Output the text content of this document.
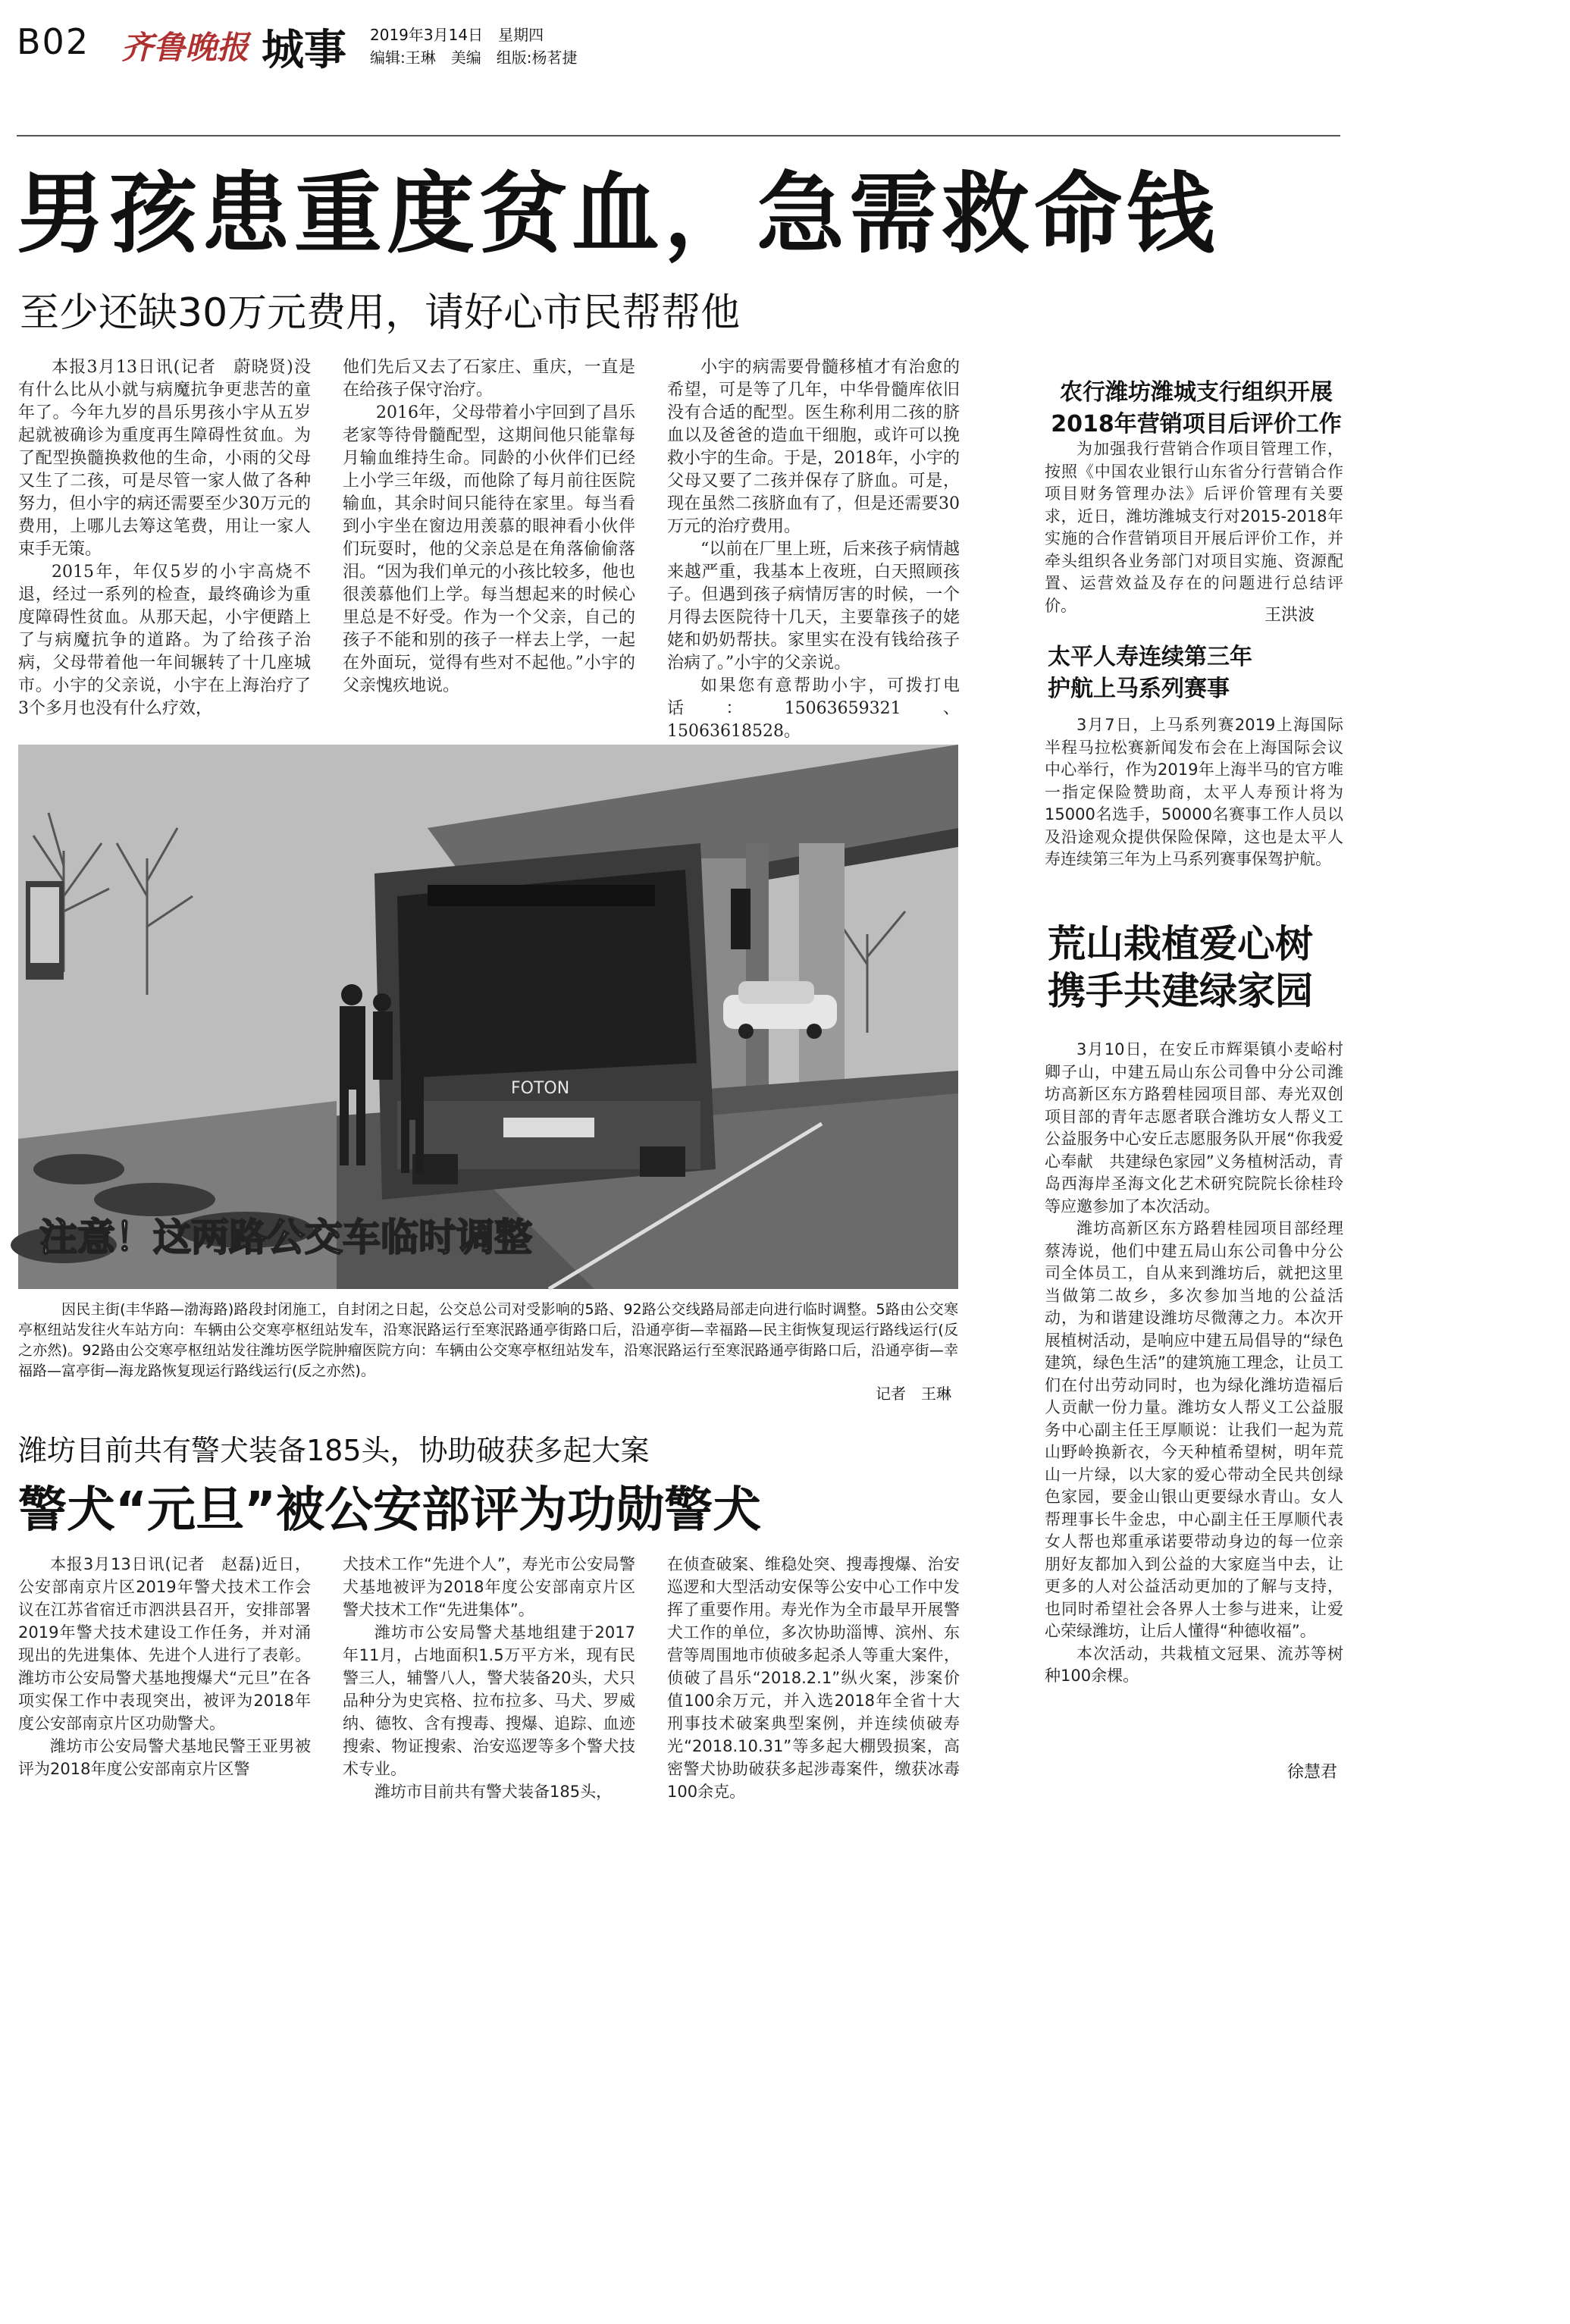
B02 齐鲁晚报 城事 2019年3月14日　星期四
编辑:王琳　美编　组版:杨茗捷
男孩患重度贫血，急需救命钱
至少还缺30万元费用，请好心市民帮帮他

本报3月13日讯(记者　蔚晓贤)没有什么比从小就与病魔抗争更悲苦的童年了。今年九岁的昌乐男孩小宇从五岁起就被确诊为重度再生障碍性贫血。为了配型换髓换救他的生命，小雨的父母又生了二孩，可是尽管一家人做了各种努力，但小宇的病还需要至少30万元的费用，上哪儿去筹这笔费，用让一家人束手无策。

2015年，年仅5岁的小宇高烧不退，经过一系列的检查，最终确诊为重度障碍性贫血。从那天起，小宇便踏上了与病魔抗争的道路。为了给孩子治病，父母带着他一年间辗转了十几座城市。小宇的父亲说，小宇在上海治疗了3个多月也没有什么疗效，

他们先后又去了石家庄、重庆，一直是在给孩子保守治疗。

2016年，父母带着小宇回到了昌乐老家等待骨髓配型，这期间他只能靠每月输血维持生命。同龄的小伙伴们已经上小学三年级，而他除了每月前往医院输血，其余时间只能待在家里。每当看到小宇坐在窗边用羡慕的眼神看小伙伴们玩耍时，他的父亲总是在角落偷偷落泪。“因为我们单元的小孩比较多，他也很羡慕他们上学。每当想起来的时候心里总是不好受。作为一个父亲，自己的孩子不能和别的孩子一样去上学，一起在外面玩，觉得有些对不起他。”小宇的父亲愧疚地说。

小宇的病需要骨髓移植才有治愈的希望，可是等了几年，中华骨髓库依旧没有合适的配型。医生称利用二孩的脐血以及爸爸的造血干细胞，或许可以挽救小宇的生命。于是，2018年，小宇的父母又要了二孩并保存了脐血。可是，现在虽然二孩脐血有了，但是还需要30万元的治疗费用。

“以前在厂里上班，后来孩子病情越来越严重，我基本上夜班，白天照顾孩子。但遇到孩子病情厉害的时候，一个月得去医院待十几天，主要靠孩子的姥姥和奶奶帮扶。家里实在没有钱给孩子治病了。”小宇的父亲说。

如果您有意帮助小宇，可拨打电话：15063659321、15063618528。

FOTON
注意！这两路公交车临时调整

因民主街(丰华路—渤海路)路段封闭施工，自封闭之日起，公交总公司对受影响的5路、92路公交线路局部走向进行临时调整。5路由公交寒亭枢纽站发往火车站方向：车辆由公交寒亭枢纽站发车，沿寒泯路运行至寒泯路通亭街路口后，沿通亭街—幸福路—民主街恢复现运行路线运行(反之亦然)。92路由公交寒亭枢纽站发往潍坊医学院肿瘤医院方向：车辆由公交寒亭枢纽站发车，沿寒泯路运行至寒泯路通亭街路口后，沿通亭街—幸福路—富亭街—海龙路恢复现运行路线运行(反之亦然)。

记者　王琳
潍坊目前共有警犬装备185头，协助破获多起大案
警犬“元旦”被公安部评为功勋警犬

本报3月13日讯(记者　赵磊)近日，公安部南京片区2019年警犬技术工作会议在江苏省宿迁市泗洪县召开，安排部署2019年警犬技术建设工作任务，并对涌现出的先进集体、先进个人进行了表彰。潍坊市公安局警犬基地搜爆犬“元旦”在各项实保工作中表现突出，被评为2018年度公安部南京片区功勋警犬。

潍坊市公安局警犬基地民警王亚男被评为2018年度公安部南京片区警

犬技术工作“先进个人”，寿光市公安局警犬基地被评为2018年度公安部南京片区警犬技术工作“先进集体”。

潍坊市公安局警犬基地组建于2017年11月，占地面积1.5万平方米，现有民警三人，辅警八人，警犬装备20头，犬只品种分为史宾格、拉布拉多、马犬、罗威纳、德牧、含有搜毒、搜爆、追踪、血迹搜索、物证搜索、治安巡逻等多个警犬技术专业。

潍坊市目前共有警犬装备185头，

在侦查破案、维稳处突、搜毒搜爆、治安巡逻和大型活动安保等公安中心工作中发挥了重要作用。寿光作为全市最早开展警犬工作的单位，多次协助淄博、滨州、东营等周围地市侦破多起杀人等重大案件，侦破了昌乐“2018.2.1”纵火案，涉案价值100余万元，并入选2018年全省十大刑事技术破案典型案例，并连续侦破寿光“2018.10.31”等多起大棚毁损案，高密警犬协助破获多起涉毒案件，缴获冰毒100余克。

农行潍坊潍城支行组织开展
2018年营销项目后评价工作

为加强我行营销合作项目管理工作，按照《中国农业银行山东省分行营销合作项目财务管理办法》后评价管理有关要求，近日，潍坊潍城支行对2015-2018年实施的合作营销项目开展后评价工作，并牵头组织各业务部门对项目实施、资源配置、运营效益及存在的问题进行总结评价。

王洪波
太平人寿连续第三年
护航上马系列赛事

3月7日，上马系列赛2019上海国际半程马拉松赛新闻发布会在上海国际会议中心举行，作为2019年上海半马的官方唯一指定保险赞助商，太平人寿预计将为15000名选手，50000名赛事工作人员以及沿途观众提供保险保障，这也是太平人寿连续第三年为上马系列赛事保驾护航。

荒山栽植爱心树
携手共建绿家园

3月10日，在安丘市辉渠镇小麦峪村卿子山，中建五局山东公司鲁中分公司潍坊高新区东方路碧桂园项目部、寿光双创项目部的青年志愿者联合潍坊女人帮义工公益服务中心安丘志愿服务队开展“你我爱心奉献　共建绿色家园”义务植树活动，青岛西海岸圣海文化艺术研究院院长徐桂玲等应邀参加了本次活动。

潍坊高新区东方路碧桂园项目部经理蔡涛说，他们中建五局山东公司鲁中分公司全体员工，自从来到潍坊后，就把这里当做第二故乡，多次参加当地的公益活动，为和谐建设潍坊尽微薄之力。本次开展植树活动，是响应中建五局倡导的“绿色建筑，绿色生活”的建筑施工理念，让员工们在付出劳动同时，也为绿化潍坊造福后人贡献一份力量。潍坊女人帮义工公益服务中心副主任王厚顺说：让我们一起为荒山野岭换新衣，今天种植希望树，明年荒山一片绿，以大家的爱心带动全民共创绿色家园，要金山银山更要绿水青山。女人帮理事长牛金忠，中心副主任王厚顺代表女人帮也郑重承诺要带动身边的每一位亲朋好友都加入到公益的大家庭当中去，让更多的人对公益活动更加的了解与支持，也同时希望社会各界人士参与进来，让爱心荣绿潍坊，让后人懂得“种德收福”。

本次活动，共栽植文冠果、流苏等树种100余棵。

徐慧君
